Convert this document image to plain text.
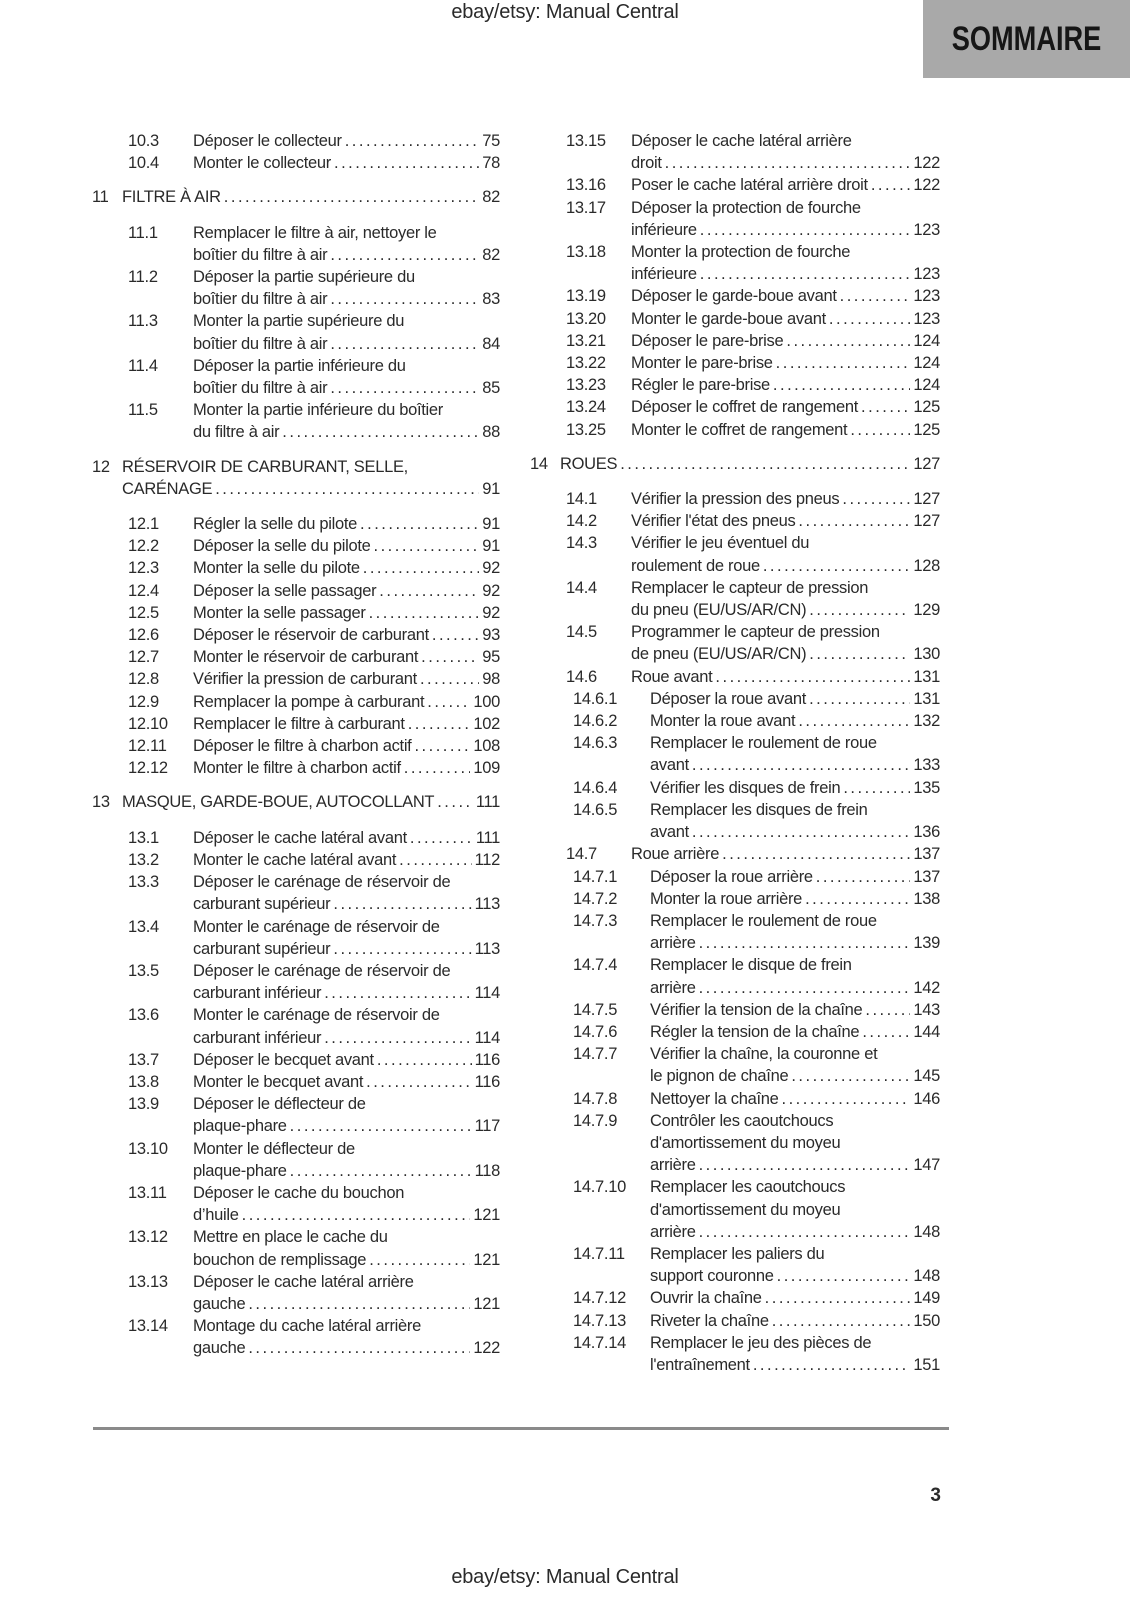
ebay/etsy: Manual Central
SOMMAIRE
10.3 Déposer le collecteur .....	75
10.4 Monter le collecteur .....	78
11 FILTRE À AIR .....	82
11.1 Remplacer le filtre à air, nettoyer le
boîtier du filtre à air .....	82
11.2 Déposer la partie supérieure du
boîtier du filtre à air .....	83
11.3 Monter la partie supérieure du
boîtier du filtre à air .....	84
11.4 Déposer la partie inférieure du
boîtier du filtre à air .....	85
11.5 Monter la partie inférieure du boîtier
du filtre à air .....	88
12 RÉSERVOIR DE CARBURANT, SELLE,
CARÉNAGE .....	91
12.1 Régler la selle du pilote .....	91
12.2 Déposer la selle du pilote .....	91
12.3 Monter la selle du pilote .....	92
12.4 Déposer la selle passager .....	92
12.5 Monter la selle passager .....	92
12.6 Déposer le réservoir de carburant .....	93
12.7 Monter le réservoir de carburant .....	95
12.8 Vérifier la pression de carburant .....	98
12.9 Remplacer la pompe à carburant .....	100
12.10 Remplacer le filtre à carburant .....	102
12.11 Déposer le filtre à charbon actif .....	108
12.12 Monter le filtre à charbon actif .....	109
13 MASQUE, GARDE-BOUE, AUTOCOLLANT .....	111
13.1 Déposer le cache latéral avant .....	111
13.2 Monter le cache latéral avant .....	112
13.3 Déposer le carénage de réservoir de
carburant supérieur .....	113
13.4 Monter le carénage de réservoir de
carburant supérieur .....	113
13.5 Déposer le carénage de réservoir de
carburant inférieur .....	114
13.6 Monter le carénage de réservoir de
carburant inférieur .....	114
13.7 Déposer le becquet avant .....	116
13.8 Monter le becquet avant .....	116
13.9 Déposer le déflecteur de
plaque-phare .....	117
13.10 Monter le déflecteur de
plaque-phare .....	118
13.11 Déposer le cache du bouchon
d’huile .....	121
13.12 Mettre en place le cache du
bouchon de remplissage .....	121
13.13 Déposer le cache latéral arrière
gauche .....	121
13.14 Montage du cache latéral arrière
gauche .....	122
13.15 Déposer le cache latéral arrière
droit .....	122
13.16 Poser le cache latéral arrière droit .....	122
13.17 Déposer la protection de fourche
inférieure .....	123
13.18 Monter la protection de fourche
inférieure .....	123
13.19 Déposer le garde-boue avant .....	123
13.20 Monter le garde-boue avant .....	123
13.21 Déposer le pare-brise .....	124
13.22 Monter le pare-brise .....	124
13.23 Régler le pare-brise .....	124
13.24 Déposer le coffret de rangement .....	125
13.25 Monter le coffret de rangement .....	125
14 ROUES .....	127
14.1 Vérifier la pression des pneus .....	127
14.2 Vérifier l'état des pneus .....	127
14.3 Vérifier le jeu éventuel du
roulement de roue .....	128
14.4 Remplacer le capteur de pression
du pneu (EU/US/AR/CN) .....	129
14.5 Programmer le capteur de pression
de pneu (EU/US/AR/CN) .....	130
14.6 Roue avant .....	131
14.6.1 Déposer la roue avant .....	131
14.6.2 Monter la roue avant .....	132
14.6.3 Remplacer le roulement de roue
avant .....	133
14.6.4 Vérifier les disques de frein .....	135
14.6.5 Remplacer les disques de frein
avant .....	136
14.7 Roue arrière .....	137
14.7.1 Déposer la roue arrière .....	137
14.7.2 Monter la roue arrière .....	138
14.7.3 Remplacer le roulement de roue
arrière .....	139
14.7.4 Remplacer le disque de frein
arrière .....	142
14.7.5 Vérifier la tension de la chaîne .....	143
14.7.6 Régler la tension de la chaîne .....	144
14.7.7 Vérifier la chaîne, la couronne et
le pignon de chaîne .....	145
14.7.8 Nettoyer la chaîne .....	146
14.7.9 Contrôler les caoutchoucs
d'amortissement du moyeu
arrière .....	147
14.7.10 Remplacer les caoutchoucs
d'amortissement du moyeu
arrière .....	148
14.7.11 Remplacer les paliers du
support couronne .....	148
14.7.12 Ouvrir la chaîne .....	149
14.7.13 Riveter la chaîne .....	150
14.7.14 Remplacer le jeu des pièces de
l'entraînement .....	151
3
ebay/etsy: Manual Central
